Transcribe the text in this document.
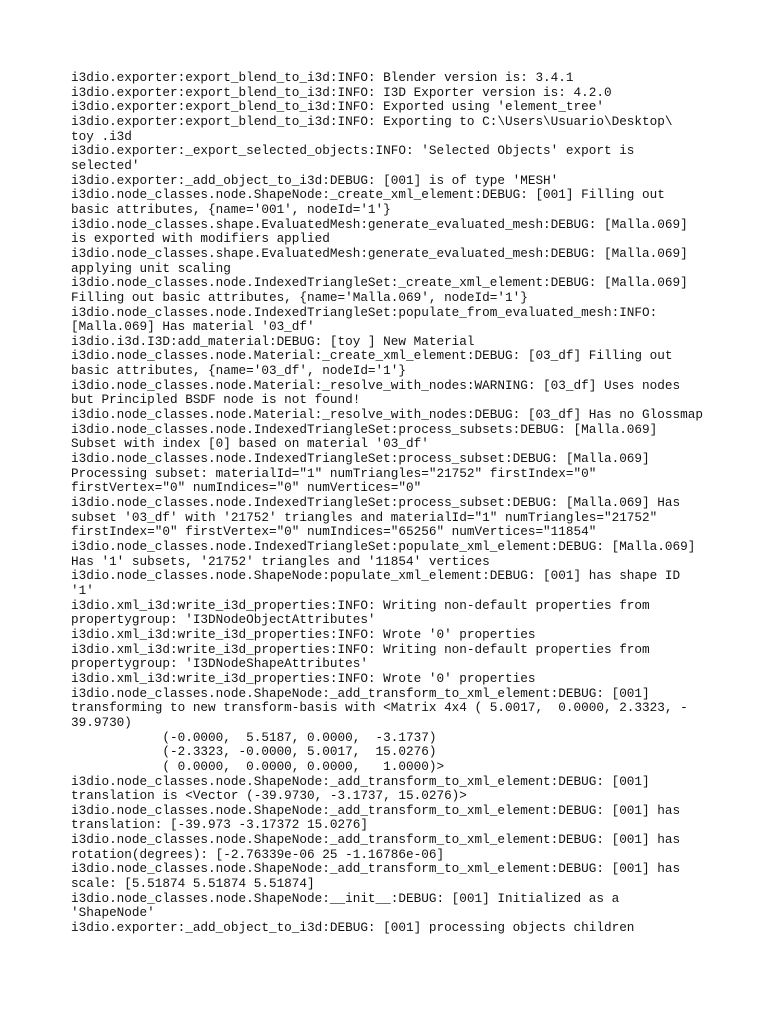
i3dio.exporter:export_blend_to_i3d:INFO: Blender version is: 3.4.1
i3dio.exporter:export_blend_to_i3d:INFO: I3D Exporter version is: 4.2.0
i3dio.exporter:export_blend_to_i3d:INFO: Exported using 'element_tree'
i3dio.exporter:export_blend_to_i3d:INFO: Exporting to C:\Users\Usuario\Desktop\
toy .i3d
i3dio.exporter:_export_selected_objects:INFO: 'Selected Objects' export is
selected'
i3dio.exporter:_add_object_to_i3d:DEBUG: [001] is of type 'MESH'
i3dio.node_classes.node.ShapeNode:_create_xml_element:DEBUG: [001] Filling out
basic attributes, {name='001', nodeId='1'}
i3dio.node_classes.shape.EvaluatedMesh:generate_evaluated_mesh:DEBUG: [Malla.069]
is exported with modifiers applied
i3dio.node_classes.shape.EvaluatedMesh:generate_evaluated_mesh:DEBUG: [Malla.069]
applying unit scaling
i3dio.node_classes.node.IndexedTriangleSet:_create_xml_element:DEBUG: [Malla.069]
Filling out basic attributes, {name='Malla.069', nodeId='1'}
i3dio.node_classes.node.IndexedTriangleSet:populate_from_evaluated_mesh:INFO:
[Malla.069] Has material '03_df'
i3dio.i3d.I3D:add_material:DEBUG: [toy ] New Material
i3dio.node_classes.node.Material:_create_xml_element:DEBUG: [03_df] Filling out
basic attributes, {name='03_df', nodeId='1'}
i3dio.node_classes.node.Material:_resolve_with_nodes:WARNING: [03_df] Uses nodes
but Principled BSDF node is not found!
i3dio.node_classes.node.Material:_resolve_with_nodes:DEBUG: [03_df] Has no Glossmap
i3dio.node_classes.node.IndexedTriangleSet:process_subsets:DEBUG: [Malla.069]
Subset with index [0] based on material '03_df'
i3dio.node_classes.node.IndexedTriangleSet:process_subset:DEBUG: [Malla.069]
Processing subset: materialId="1" numTriangles="21752" firstIndex="0"
firstVertex="0" numIndices="0" numVertices="0"
i3dio.node_classes.node.IndexedTriangleSet:process_subset:DEBUG: [Malla.069] Has
subset '03_df' with '21752' triangles and materialId="1" numTriangles="21752"
firstIndex="0" firstVertex="0" numIndices="65256" numVertices="11854"
i3dio.node_classes.node.IndexedTriangleSet:populate_xml_element:DEBUG: [Malla.069]
Has '1' subsets, '21752' triangles and '11854' vertices
i3dio.node_classes.node.ShapeNode:populate_xml_element:DEBUG: [001] has shape ID
'1'
i3dio.xml_i3d:write_i3d_properties:INFO: Writing non-default properties from
propertygroup: 'I3DNodeObjectAttributes'
i3dio.xml_i3d:write_i3d_properties:INFO: Wrote '0' properties
i3dio.xml_i3d:write_i3d_properties:INFO: Writing non-default properties from
propertygroup: 'I3DNodeShapeAttributes'
i3dio.xml_i3d:write_i3d_properties:INFO: Wrote '0' properties
i3dio.node_classes.node.ShapeNode:_add_transform_to_xml_element:DEBUG: [001]
transforming to new transform-basis with <Matrix 4x4 ( 5.0017,  0.0000, 2.3323, -
39.9730)
(-0.0000,  5.5187, 0.0000,  -3.1737)
(-2.3323, -0.0000, 5.0017,  15.0276)
( 0.0000,  0.0000, 0.0000,   1.0000)>
i3dio.node_classes.node.ShapeNode:_add_transform_to_xml_element:DEBUG: [001]
translation is <Vector (-39.9730, -3.1737, 15.0276)>
i3dio.node_classes.node.ShapeNode:_add_transform_to_xml_element:DEBUG: [001] has
translation: [-39.973 -3.17372 15.0276]
i3dio.node_classes.node.ShapeNode:_add_transform_to_xml_element:DEBUG: [001] has
rotation(degrees): [-2.76339e-06 25 -1.16786e-06]
i3dio.node_classes.node.ShapeNode:_add_transform_to_xml_element:DEBUG: [001] has
scale: [5.51874 5.51874 5.51874]
i3dio.node_classes.node.ShapeNode:__init__:DEBUG: [001] Initialized as a
'ShapeNode'
i3dio.exporter:_add_object_to_i3d:DEBUG: [001] processing objects children
